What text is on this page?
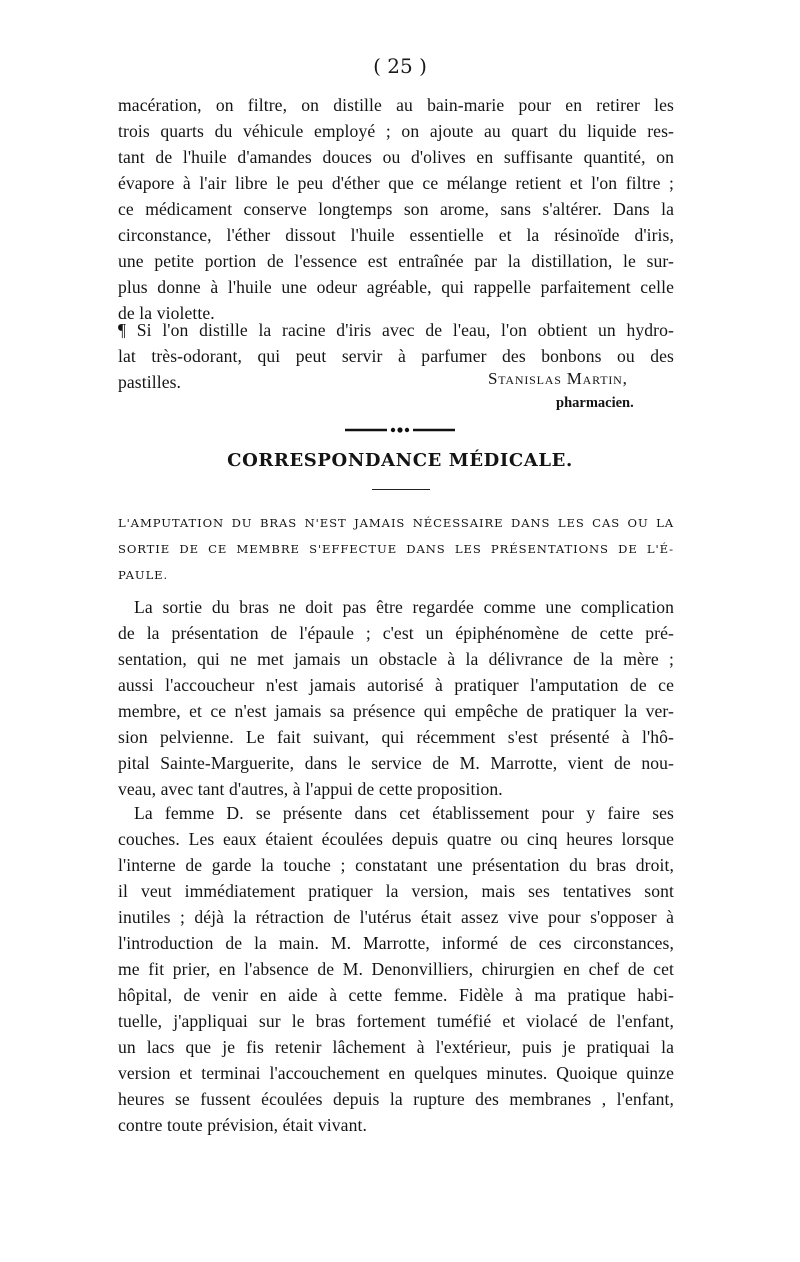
( 25 )
macération, on filtre, on distille au bain-marie pour en retirer les
trois quarts du véhicule employé ; on ajoute au quart du liquide res-
tant de l'huile d'amandes douces ou d'olives en suffisante quantité, on
évapore à l'air libre le peu d'éther que ce mélange retient et l'on filtre ;
ce médicament conserve longtemps son arome, sans s'altérer. Dans la
circonstance, l'éther dissout l'huile essentielle et la résinoïde d'iris,
une petite portion de l'essence est entraînée par la distillation, le sur-
plus donne à l'huile une odeur agréable, qui rappelle parfaitement celle
de la violette.
¶ Si l'on distille la racine d'iris avec de l'eau, l'on obtient un hydro-
lat très-odorant, qui peut servir à parfumer des bonbons ou des
pastilles.	Stanislas Martin,
pharmacien.
CORRESPONDANCE MÉDICALE.
L'AMPUTATION DU BRAS N'EST JAMAIS NÉCESSAIRE DANS LES CAS OU LA
SORTIE DE CE MEMBRE S'EFFECTUE DANS LES PRÉSENTATIONS DE L'É-
PAULE.
La sortie du bras ne doit pas être regardée comme une complication
de la présentation de l'épaule ; c'est un épiphénomène de cette pré-
sentation, qui ne met jamais un obstacle à la délivrance de la mère ;
aussi l'accoucheur n'est jamais autorisé à pratiquer l'amputation de ce
membre, et ce n'est jamais sa présence qui empêche de pratiquer la ver-
sion pelvienne. Le fait suivant, qui récemment s'est présenté à l'hô-
pital Sainte-Marguerite, dans le service de M. Marrotte, vient de nou-
veau, avec tant d'autres, à l'appui de cette proposition.
La femme D. se présente dans cet établissement pour y faire ses
couches. Les eaux étaient écoulées depuis quatre ou cinq heures lorsque
l'interne de garde la touche ; constatant une présentation du bras droit,
il veut immédiatement pratiquer la version, mais ses tentatives sont
inutiles ; déjà la rétraction de l'utérus était assez vive pour s'opposer à
l'introduction de la main. M. Marrotte, informé de ces circonstances,
me fit prier, en l'absence de M. Denonvilliers, chirurgien en chef de cet
hôpital, de venir en aide à cette femme. Fidèle à ma pratique habi-
tuelle, j'appliquai sur le bras fortement tuméfié et violacé de l'enfant,
un lacs que je fis retenir lâchement à l'extérieur, puis je pratiquai la
version et terminai l'accouchement en quelques minutes. Quoique quinze
heures se fussent écoulées depuis la rupture des membranes , l'enfant,
contre toute prévision, était vivant.
